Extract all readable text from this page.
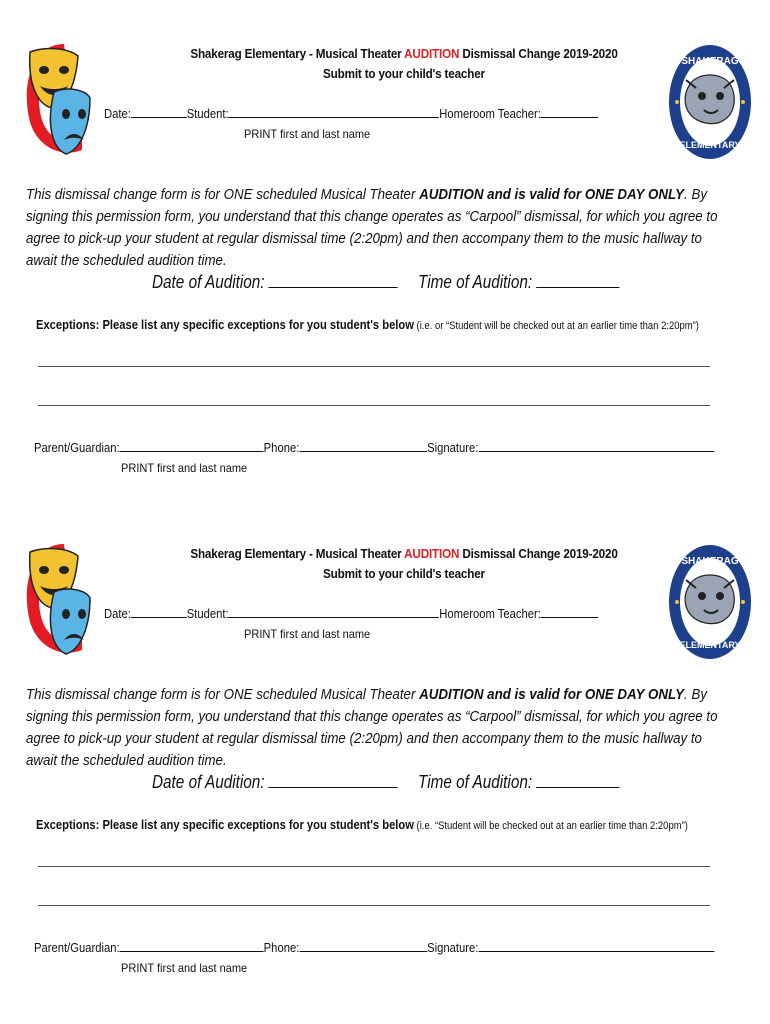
Shakerag Elementary - Musical Theater AUDITION Dismissal Change 2019-2020
Submit to your child's teacher
Date:	Student:	Homeroom Teacher:
PRINT first and last name
SHAKERAG
ELEMENTARY
This dismissal change form is for ONE scheduled Musical Theater AUDITION and is valid for ONE DAY ONLY. By signing this permission form, you understand that this change operates as “Carpool” dismissal, for which you agree to agree to pick-up your student at regular dismissal time (2:20pm) and then accompany them to the music hallway to await the scheduled audition time.
Date of Audition:	Time of Audition:
Exceptions: Please list any specific exceptions for you student's below (i.e. or “Student will be checked out at an earlier time than 2:20pm”)
Parent/Guardian:	Phone:	Signature:
PRINT first and last name
Shakerag Elementary - Musical Theater AUDITION Dismissal Change 2019-2020
Submit to your child's teacher
Date:	Student:	Homeroom Teacher:
PRINT first and last name
SHAKERAG
ELEMENTARY
This dismissal change form is for ONE scheduled Musical Theater AUDITION and is valid for ONE DAY ONLY. By signing this permission form, you understand that this change operates as “Carpool” dismissal, for which you agree to agree to pick-up your student at regular dismissal time (2:20pm) and then accompany them to the music hallway to await the scheduled audition time.
Date of Audition:	Time of Audition:
Exceptions: Please list any specific exceptions for you student's below (i.e. “Student will be checked out at an earlier time than 2:20pm”)
Parent/Guardian:	Phone:	Signature:
PRINT first and last name
